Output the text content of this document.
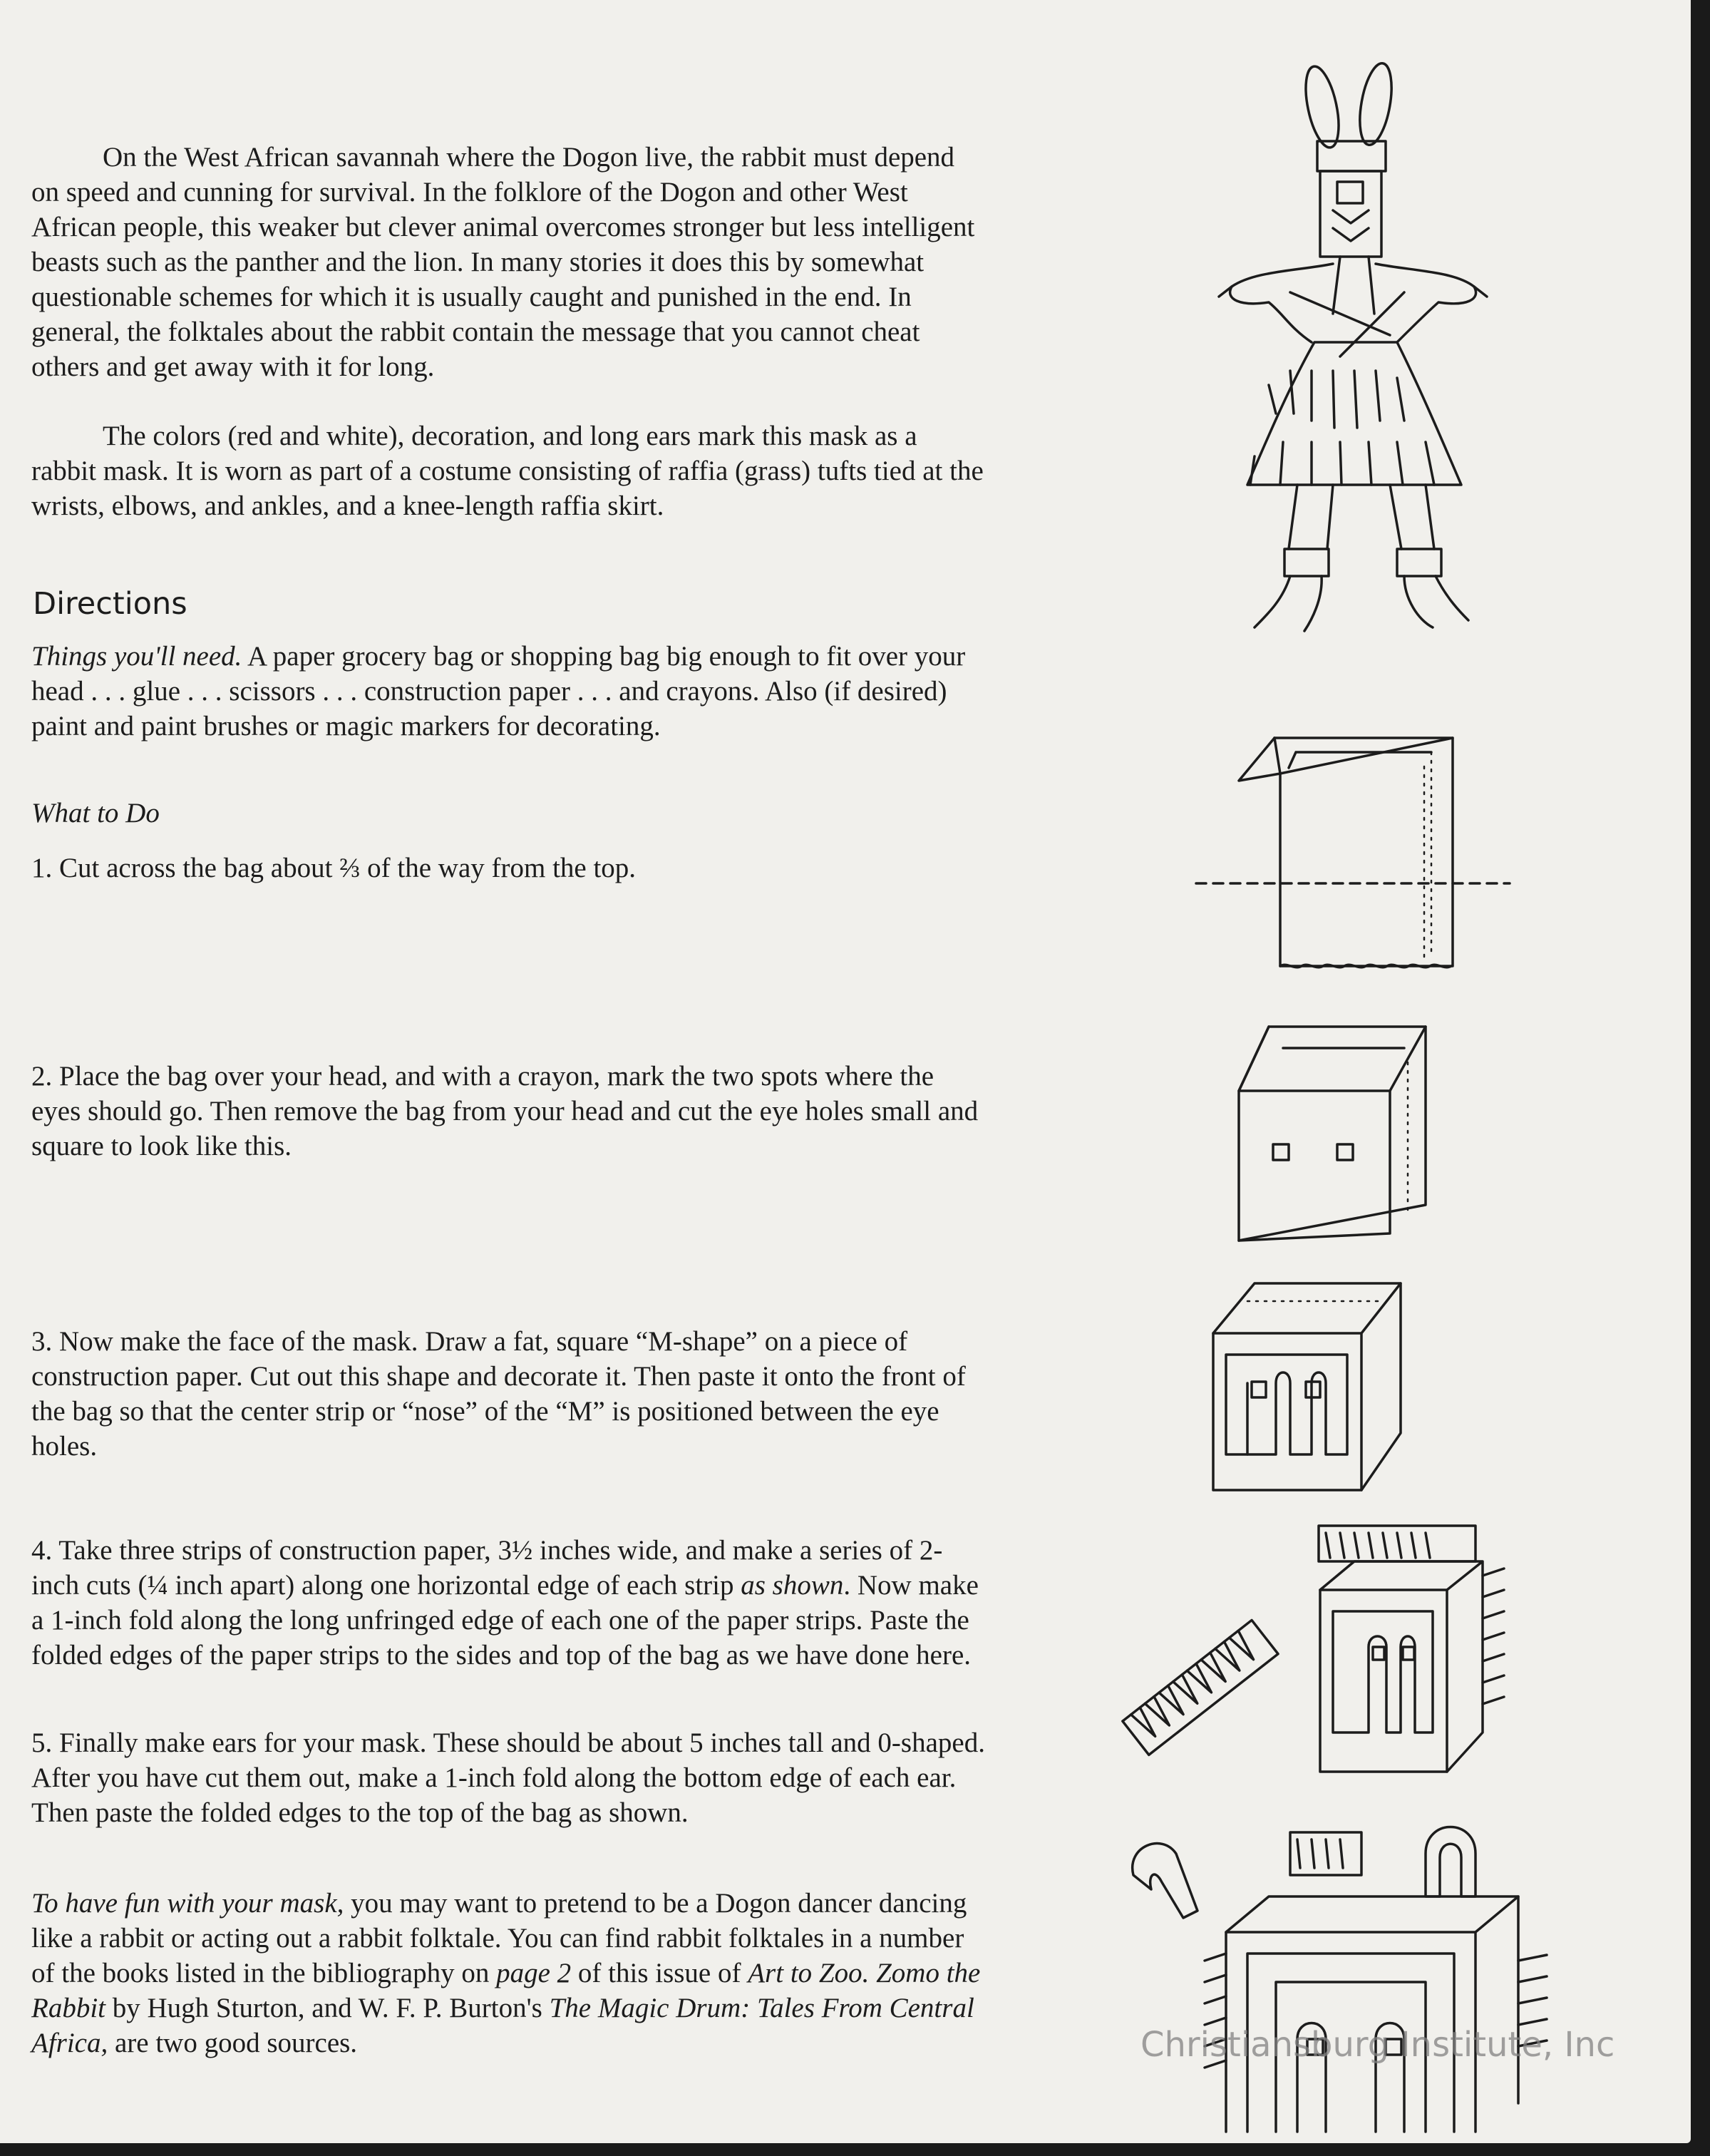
On the West African savannah where the Dogon live, the rabbit must depend on speed and cunning for survival. In the folklore of the Dogon and other West African people, this weaker but clever animal overcomes stronger but less intelligent beasts such as the panther and the lion. In many stories it does this by somewhat questionable schemes for which it is usually caught and punished in the end. In general, the folktales about the rabbit contain the message that you cannot cheat others and get away with it for long.

The colors (red and white), decoration, and long ears mark this mask as a rabbit mask. It is worn as part of a costume consisting of raffia (grass) tufts tied at the wrists, elbows, and ankles, and a knee-length raffia skirt.

Directions

Things you'll need. A paper grocery bag or shopping bag big enough to fit over your head . . . glue . . . scissors . . . construction paper . . . and crayons. Also (if desired) paint and paint brushes or magic markers for decorating.

What to Do

1. Cut across the bag about ⅔ of the way from the top.

2. Place the bag over your head, and with a crayon, mark the two spots where the eyes should go. Then remove the bag from your head and cut the eye holes small and square to look like this.

3. Now make the face of the mask. Draw a fat, square “M-shape” on a piece of construction paper. Cut out this shape and decorate it. Then paste it onto the front of the bag so that the center strip or “nose” of the “M” is positioned between the eye holes.

4. Take three strips of construction paper, 3½ inches wide, and make a series of 2-inch cuts (¼ inch apart) along one horizontal edge of each strip as shown. Now make a 1-inch fold along the long unfringed edge of each one of the paper strips. Paste the folded edges of the paper strips to the sides and top of the bag as we have done here.

5. Finally make ears for your mask. These should be about 5 inches tall and 0-shaped. After you have cut them out, make a 1-inch fold along the bottom edge of each ear. Then paste the folded edges to the top of the bag as shown.

To have fun with your mask, you may want to pretend to be a Dogon dancer dancing like a rabbit or acting out a rabbit folktale. You can find rabbit folktales in a number of the books listed in the bibliography on page 2 of this issue of Art to Zoo. Zomo the Rabbit by Hugh Sturton, and W. F. P. Burton's The Magic Drum: Tales From Central Africa, are two good sources.	Christiansburg Institute, Inc
